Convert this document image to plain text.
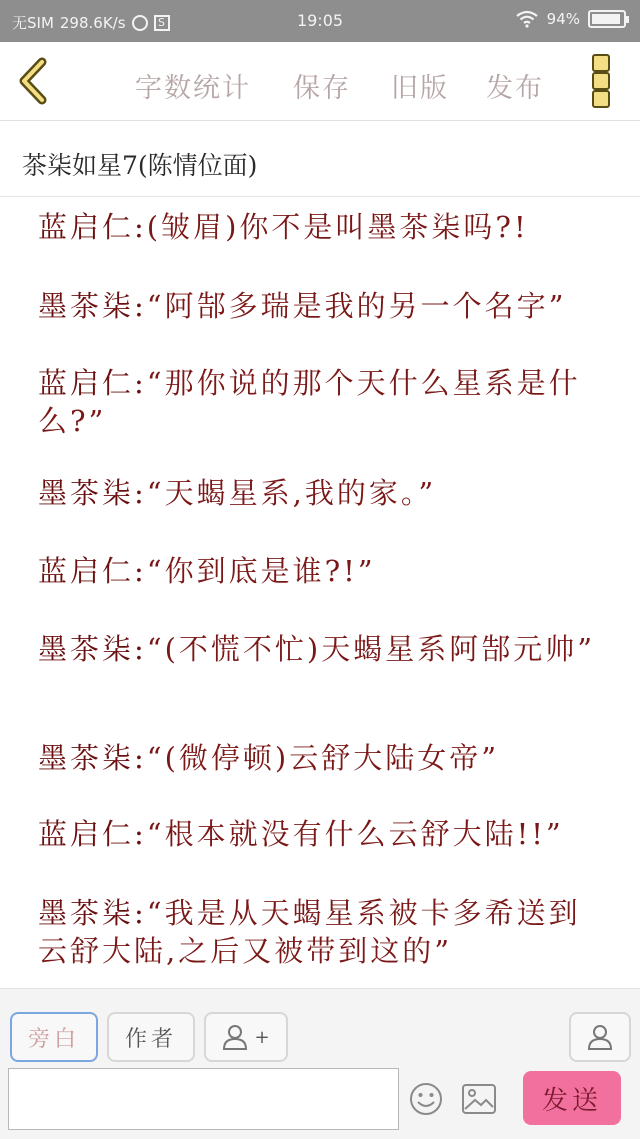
无SIM 298.6K/s	S	19:05	94%
字数统计 保存 旧版 发布
茶柒如星7(陈情位面)
蓝启仁:(皱眉)你不是叫墨茶柒吗?!
墨茶柒:“阿郜多瑞是我的另一个名字”
蓝启仁:“那你说的那个天什么星系是什么?”
墨茶柒:“天蝎星系,我的家。”
蓝启仁:“你到底是谁?!”
墨茶柒:“(不慌不忙)天蝎星系阿郜元帅”
墨茶柒:“(微停顿)云舒大陆女帝”
蓝启仁:“根本就没有什么云舒大陆!!”
墨茶柒:“我是从天蝎星系被卡多希送到云舒大陆,之后又被带到这的”
旁白	作者	+
发送
